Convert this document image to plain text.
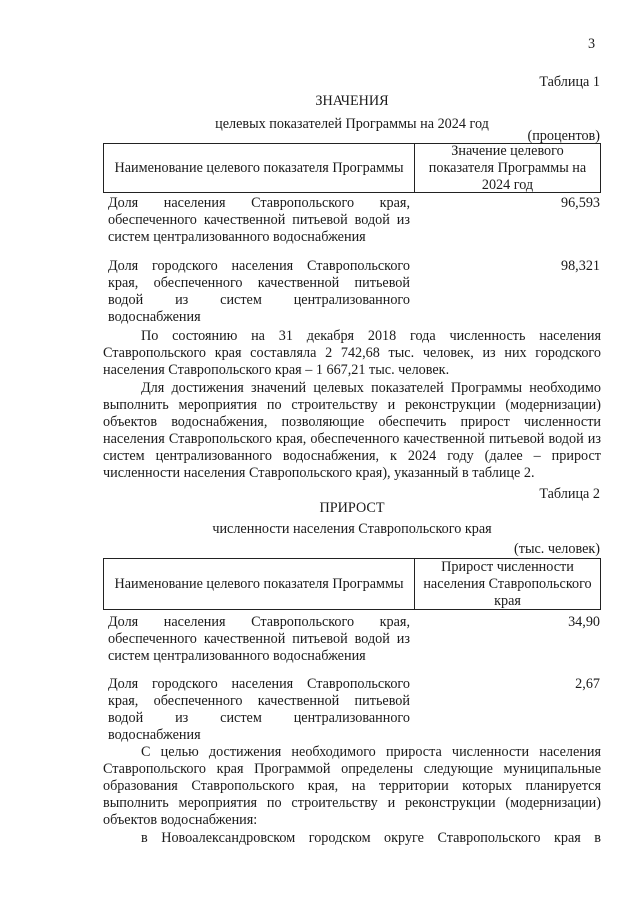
3
Таблица 1
ЗНАЧЕНИЯ
целевых показателей Программы на 2024 год
(процентов)
Наименование целевого показателя Программы
Значение целевого показателя Программы на 2024 год
Доля населения Ставропольского края, обеспеченного качественной питьевой водой из систем централизованного водоснабжения
96,593
Доля городского населения Ставропольского края, обеспеченного качественной питьевой водой из систем централизованного водоснабжения
98,321
По состоянию на 31 декабря 2018 года численность населения Ставропольского края составляла 2 742,68 тыс. человек, из них городского населения Ставропольского края – 1 667,21 тыс. человек.
Для достижения значений целевых показателей Программы необходимо выполнить мероприятия по строительству и реконструкции (модернизации) объектов водоснабжения, позволяющие обеспечить прирост численности населения Ставропольского края, обеспеченного качественной питьевой водой из систем централизованного водоснабжения, к 2024 году (далее – прирост численности населения Ставропольского края), указанный в таблице 2.
Таблица 2
ПРИРОСТ
численности населения Ставропольского края
(тыс. человек)
Наименование целевого показателя Программы
Прирост численности населения Ставропольского края
Доля населения Ставропольского края, обеспеченного качественной питьевой водой из систем централизованного водоснабжения
34,90
Доля городского населения Ставропольского края, обеспеченного качественной питьевой водой из систем централизованного водоснабжения
2,67
С целью достижения необходимого прироста численности населения Ставропольского края Программой определены следующие муниципальные образования Ставропольского края, на территории которых планируется выполнить мероприятия по строительству и реконструкции (модернизации) объектов водоснабжения:
в Новоалександровском городском округе Ставропольского края в
